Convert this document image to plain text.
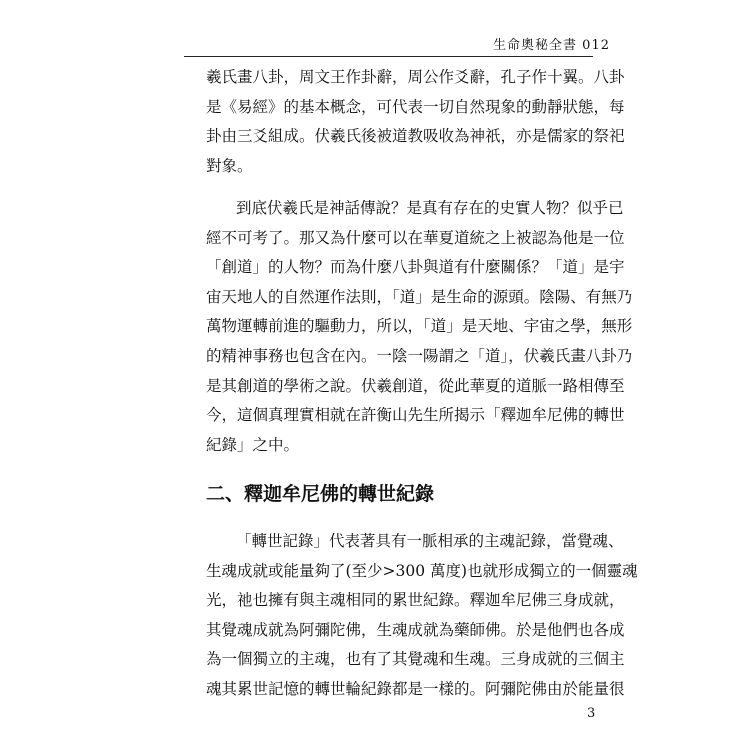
生命奧秘全書 012
羲氏畫八卦，周文王作卦辭，周公作爻辭，孔子作十翼。八卦
是《易經》的基本概念，可代表一切自然現象的動靜狀態，每
卦由三爻組成。伏羲氏後被道教吸收為神祇，亦是儒家的祭祀
對象。
到底伏羲氏是神話傳說？是真有存在的史實人物？似乎已
經不可考了。那又為什麼可以在華夏道統之上被認為他是一位
「創道」的人物？而為什麼八卦與道有什麼關係？「道」是宇
宙天地人的自然運作法則，「道」是生命的源頭。陰陽、有無乃
萬物運轉前進的驅動力，所以，「道」是天地、宇宙之學，無形
的精神事務也包含在內。一陰一陽謂之「道」，伏羲氏畫八卦乃
是其創道的學術之說。伏羲創道，從此華夏的道脈一路相傳至
今，這個真理實相就在許衡山先生所揭示「釋迦牟尼佛的轉世
紀錄」之中。
二、釋迦牟尼佛的轉世紀錄
「轉世記錄」代表著具有一脈相承的主魂記錄，當覺魂、
生魂成就或能量夠了(至少>300 萬度)也就形成獨立的一個靈魂
光，祂也擁有與主魂相同的累世紀錄。釋迦牟尼佛三身成就，
其覺魂成就為阿彌陀佛，生魂成就為藥師佛。於是他們也各成
為一個獨立的主魂，也有了其覺魂和生魂。三身成就的三個主
魂其累世記憶的轉世輪紀錄都是一樣的。阿彌陀佛由於能量很
3
